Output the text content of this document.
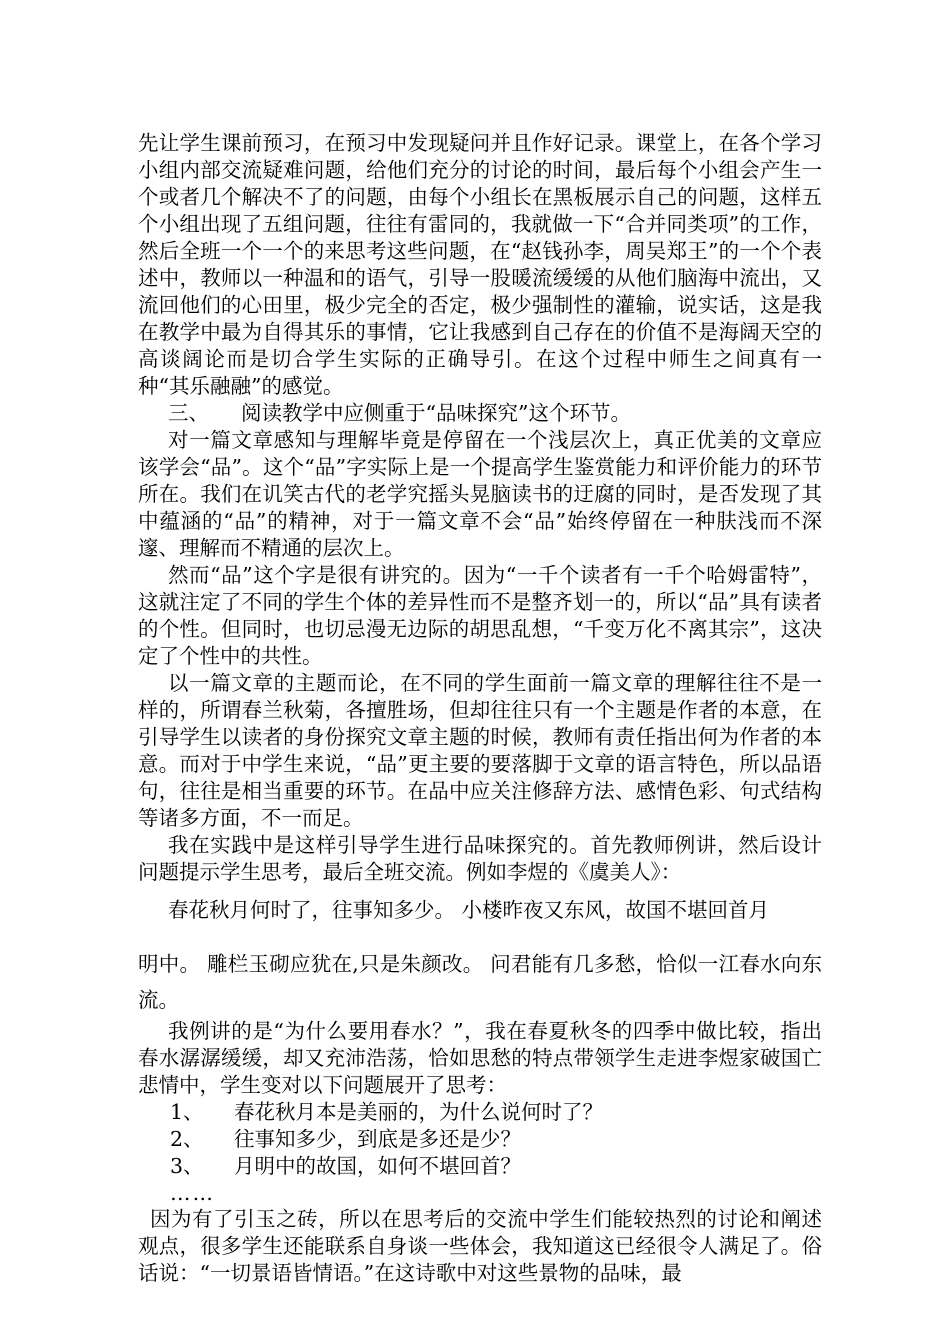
先让学生课前预习，在预习中发现疑问并且作好记录。课堂上，在各个学习小组内部交流疑难问题，给他们充分的讨论的时间，最后每个小组会产生一个或者几个解决不了的问题，由每个小组长在黑板展示自己的问题，这样五个小组出现了五组问题，往往有雷同的，我就做一下“合并同类项”的工作，然后全班一个一个的来思考这些问题，在“赵钱孙李，周吴郑王”的一个个表述中，教师以一种温和的语气，引导一股暖流缓缓的从他们脑海中流出，又流回他们的心田里，极少完全的否定，极少强制性的灌输，说实话，这是我在教学中最为自得其乐的事情，它让我感到自己存在的价值不是海阔天空的高谈阔论而是切合学生实际的正确导引。在这个过程中师生之间真有一种“其乐融融”的感觉。

三、 阅读教学中应侧重于“品味探究”这个环节。

对一篇文章感知与理解毕竟是停留在一个浅层次上，真正优美的文章应该学会“品”。这个“品”字实际上是一个提高学生鉴赏能力和评价能力的环节所在。我们在讥笑古代的老学究摇头晃脑读书的迂腐的同时，是否发现了其中蕴涵的“品”的精神，对于一篇文章不会“品”始终停留在一种肤浅而不深邃、理解而不精通的层次上。

然而“品”这个字是很有讲究的。因为“一千个读者有一千个哈姆雷特”，这就注定了不同的学生个体的差异性而不是整齐划一的，所以“品”具有读者的个性。但同时，也切忌漫无边际的胡思乱想，“千变万化不离其宗”，这决定了个性中的共性。

以一篇文章的主题而论，在不同的学生面前一篇文章的理解往往不是一样的，所谓春兰秋菊，各擅胜场，但却往往只有一个主题是作者的本意，在引导学生以读者的身份探究文章主题的时候，教师有责任指出何为作者的本意。而对于中学生来说，“品”更主要的要落脚于文章的语言特色，所以品语句，往往是相当重要的环节。在品中应关注修辞方法、感情色彩、句式结构等诸多方面，不一而足。

我在实践中是这样引导学生进行品味探究的。首先教师例讲，然后设计问题提示学生思考，最后全班交流。例如李煜的《虞美人》：

春花秋月何时了，往事知多少。 小楼昨夜又东风，故国不堪回首月

明中。 雕栏玉砌应犹在,只是朱颜改。 问君能有几多愁，恰似一江春水向东流。

我例讲的是“为什么要用春水？”，我在春夏秋冬的四季中做比较，指出春水潺潺缓缓，却又充沛浩荡，恰如思愁的特点带领学生走进李煜家破国亡悲情中，学生变对以下问题展开了思考：

1、 春花秋月本是美丽的，为什么说何时了？

2、 往事知多少，到底是多还是少？

3、 月明中的故国，如何不堪回首？

……

因为有了引玉之砖，所以在思考后的交流中学生们能较热烈的讨论和阐述观点，很多学生还能联系自身谈一些体会，我知道这已经很令人满足了。俗话说：“一切景语皆情语。”在这诗歌中对这些景物的品味，最
